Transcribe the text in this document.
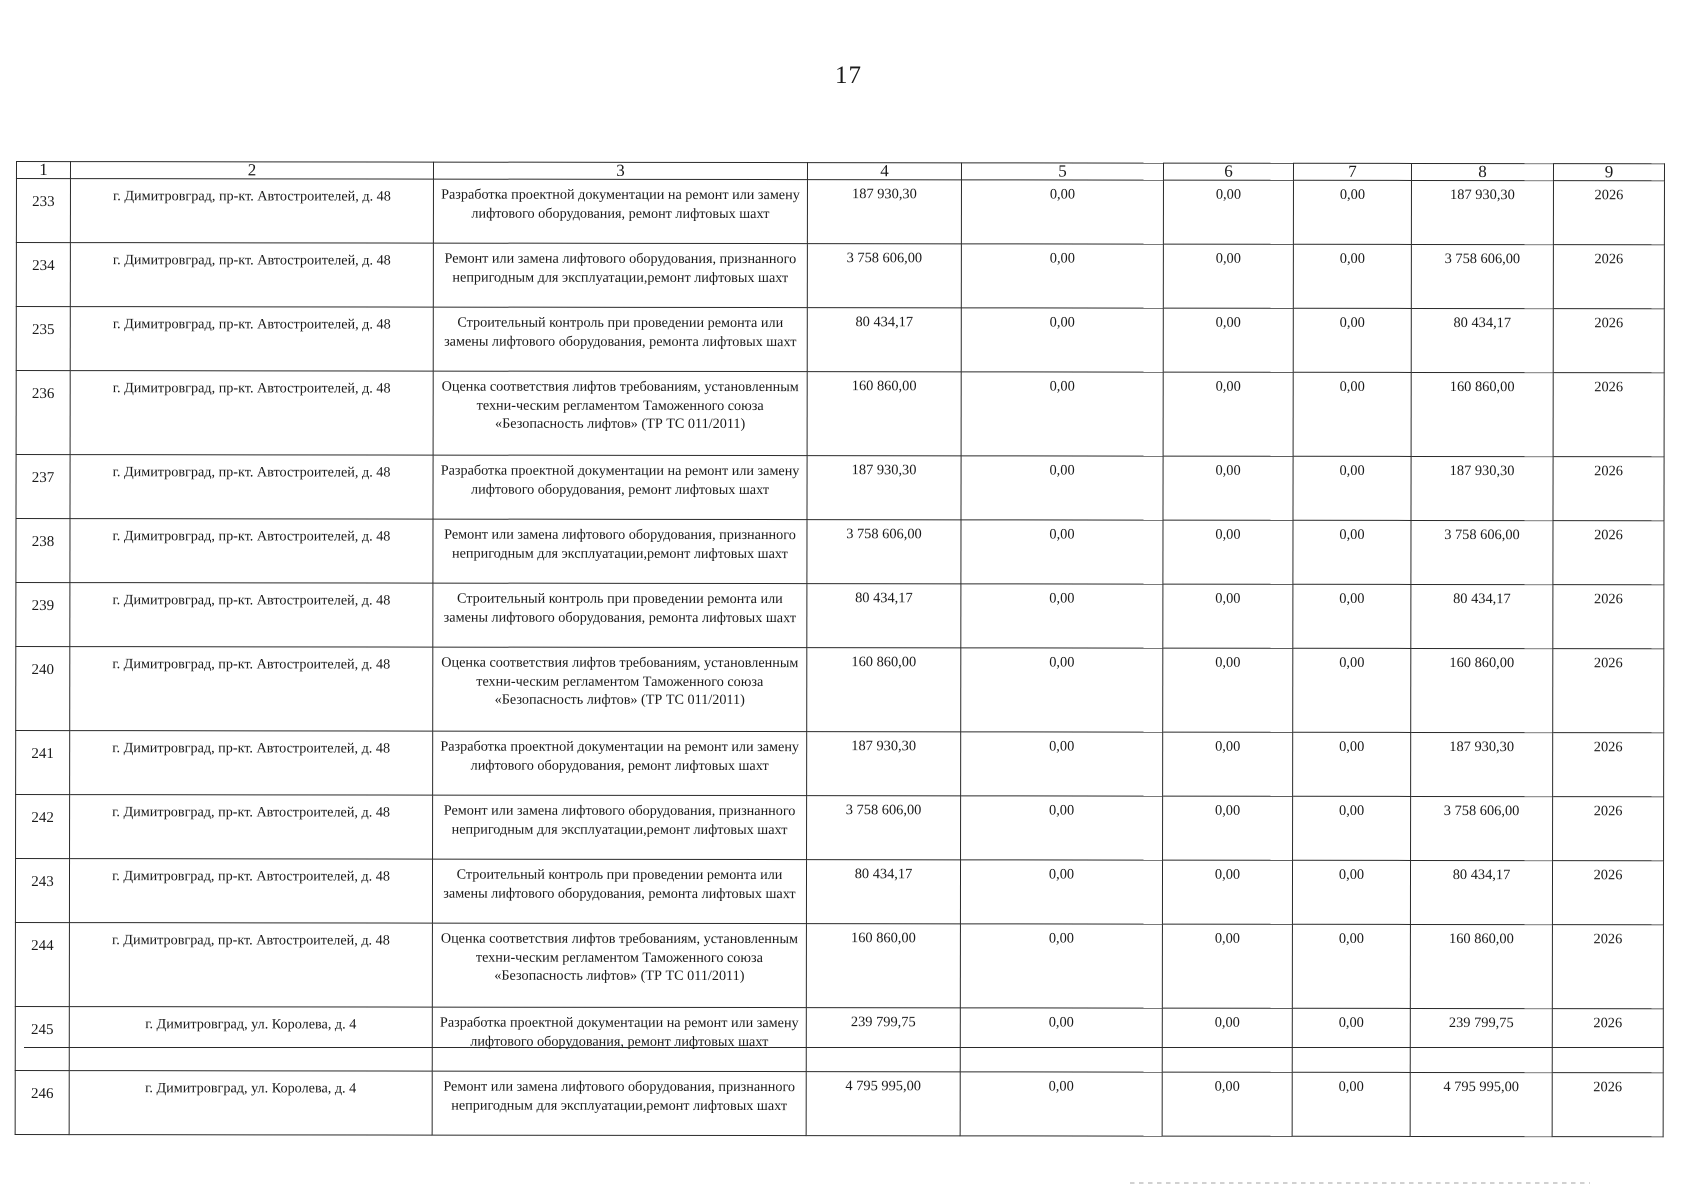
17
1	2	3	4	5	6	7	8	9
233	г. Димитровград, пр-кт. Автостроителей, д. 48	Разработка проектной документации на ремонт или замену лифтового оборудования, ремонт лифтовых шахт	187 930,30	0,00	0,00	0,00	187 930,30	2026
234	г. Димитровград, пр-кт. Автостроителей, д. 48	Ремонт или замена лифтового оборудования, признанного непригодным для эксплуатации,ремонт лифтовых шахт	3 758 606,00	0,00	0,00	0,00	3 758 606,00	2026
235	г. Димитровград, пр-кт. Автостроителей, д. 48	Строительный контроль при проведении ремонта или замены лифтового оборудования, ремонта лифтовых шахт	80 434,17	0,00	0,00	0,00	80 434,17	2026
236	г. Димитровград, пр-кт. Автостроителей, д. 48	Оценка соответствия лифтов требованиям, установленным техни-ческим регламентом Таможенного союза «Безопасность лифтов» (ТР ТС 011/2011)	160 860,00	0,00	0,00	0,00	160 860,00	2026
237	г. Димитровград, пр-кт. Автостроителей, д. 48	Разработка проектной документации на ремонт или замену лифтового оборудования, ремонт лифтовых шахт	187 930,30	0,00	0,00	0,00	187 930,30	2026
238	г. Димитровград, пр-кт. Автостроителей, д. 48	Ремонт или замена лифтового оборудования, признанного непригодным для эксплуатации,ремонт лифтовых шахт	3 758 606,00	0,00	0,00	0,00	3 758 606,00	2026
239	г. Димитровград, пр-кт. Автостроителей, д. 48	Строительный контроль при проведении ремонта или замены лифтового оборудования, ремонта лифтовых шахт	80 434,17	0,00	0,00	0,00	80 434,17	2026
240	г. Димитровград, пр-кт. Автостроителей, д. 48	Оценка соответствия лифтов требованиям, установленным техни-ческим регламентом Таможенного союза «Безопасность лифтов» (ТР ТС 011/2011)	160 860,00	0,00	0,00	0,00	160 860,00	2026
241	г. Димитровград, пр-кт. Автостроителей, д. 48	Разработка проектной документации на ремонт или замену лифтового оборудования, ремонт лифтовых шахт	187 930,30	0,00	0,00	0,00	187 930,30	2026
242	г. Димитровград, пр-кт. Автостроителей, д. 48	Ремонт или замена лифтового оборудования, признанного непригодным для эксплуатации,ремонт лифтовых шахт	3 758 606,00	0,00	0,00	0,00	3 758 606,00	2026
243	г. Димитровград, пр-кт. Автостроителей, д. 48	Строительный контроль при проведении ремонта или замены лифтового оборудования, ремонта лифтовых шахт	80 434,17	0,00	0,00	0,00	80 434,17	2026
244	г. Димитровград, пр-кт. Автостроителей, д. 48	Оценка соответствия лифтов требованиям, установленным техни-ческим регламентом Таможенного союза «Безопасность лифтов» (ТР ТС 011/2011)	160 860,00	0,00	0,00	0,00	160 860,00	2026
245	г. Димитровград, ул. Королева, д. 4	Разработка проектной документации на ремонт или замену лифтового оборудования, ремонт лифтовых шахт	239 799,75	0,00	0,00	0,00	239 799,75	2026
246	г. Димитровград, ул. Королева, д. 4	Ремонт или замена лифтового оборудования, признанного непригодным для эксплуатации,ремонт лифтовых шахт	4 795 995,00	0,00	0,00	0,00	4 795 995,00	2026
